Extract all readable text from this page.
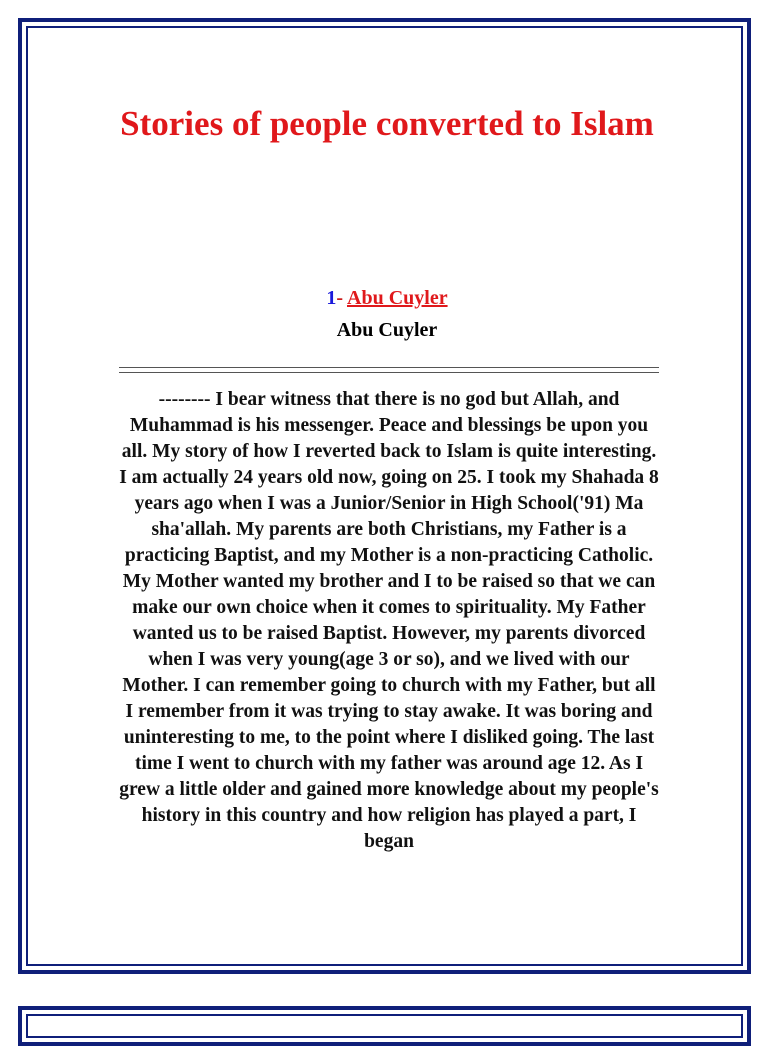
Stories of people converted to Islam
1- Abu Cuyler
Abu Cuyler

-------- I bear witness that there is no god but Allah, and Muhammad is his messenger. Peace and blessings be upon you all. My story of how I reverted back to Islam is quite interesting. I am actually 24 years old now, going on 25. I took my Shahada 8 years ago when I was a Junior/Senior in High School('91) Ma sha'allah. My parents are both Christians, my Father is a practicing Baptist, and my Mother is a non-practicing Catholic. My Mother wanted my brother and I to be raised so that we can make our own choice when it comes to spirituality. My Father wanted us to be raised Baptist. However, my parents divorced when I was very young(age 3 or so), and we lived with our Mother. I can remember going to church with my Father, but all I remember from it was trying to stay awake. It was boring and uninteresting to me, to the point where I disliked going. The last time I went to church with my father was around age 12. As I grew a little older and gained more knowledge about my people's history in this country and how religion has played a part, I began
